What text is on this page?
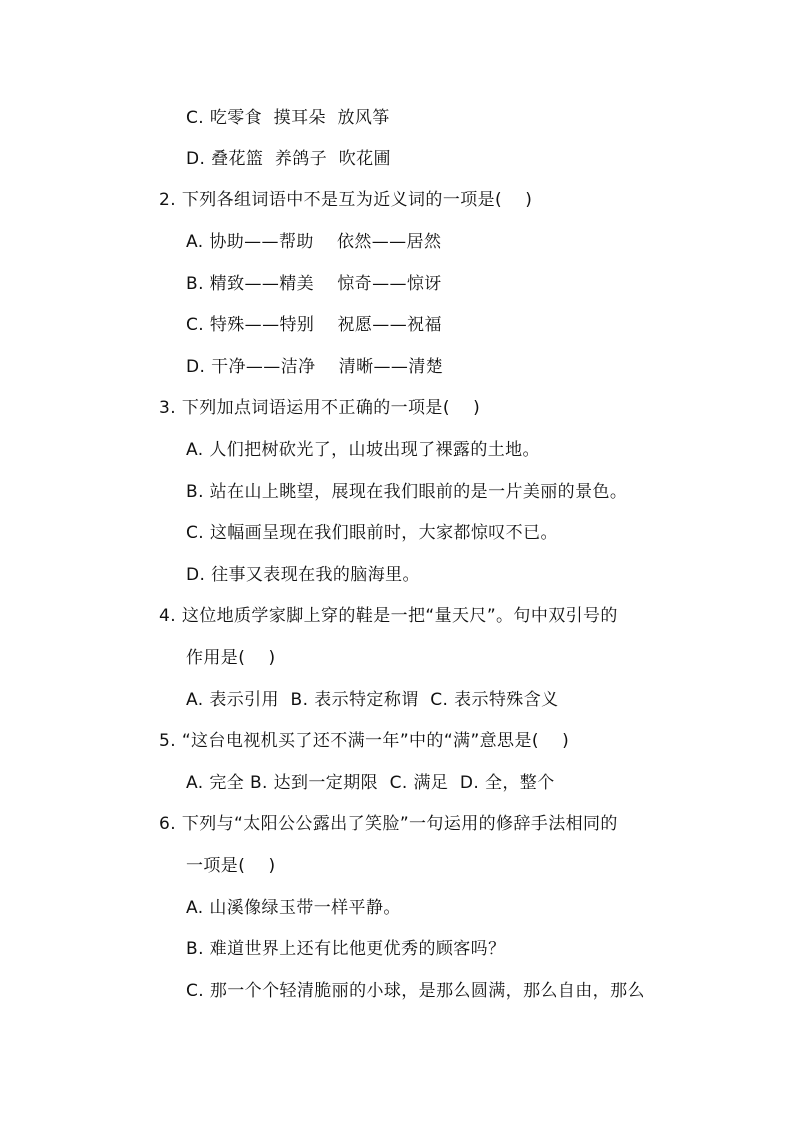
C. 吃零食  摸耳朵  放风筝
D. 叠花篮  养鸽子  吹花圃
2. 下列各组词语中不是互为近义词的一项是(    )
A. 协助——帮助    依然——居然
B. 精致——精美    惊奇——惊讶
C. 特殊——特别    祝愿——祝福
D. 干净——洁净    清晰——清楚
3. 下列加点词语运用不正确的一项是(    )
A. 人们把树砍光了，山坡出现了裸露的土地。
B. 站在山上眺望，展现在我们眼前的是一片美丽的景色。
C. 这幅画呈现在我们眼前时，大家都惊叹不已。
D. 往事又表现在我的脑海里。
4. 这位地质学家脚上穿的鞋是一把“量天尺”。句中双引号的
作用是(    )
A. 表示引用  B. 表示特定称谓  C. 表示特殊含义
5. “这台电视机买了还不满一年”中的“满”意思是(    )
A. 完全 B. 达到一定期限  C. 满足  D. 全，整个
6. 下列与“太阳公公露出了笑脸”一句运用的修辞手法相同的
一项是(    )
A. 山溪像绿玉带一样平静。
B. 难道世界上还有比他更优秀的顾客吗？
C. 那一个个轻清脆丽的小球，是那么圆满，那么自由，那么
